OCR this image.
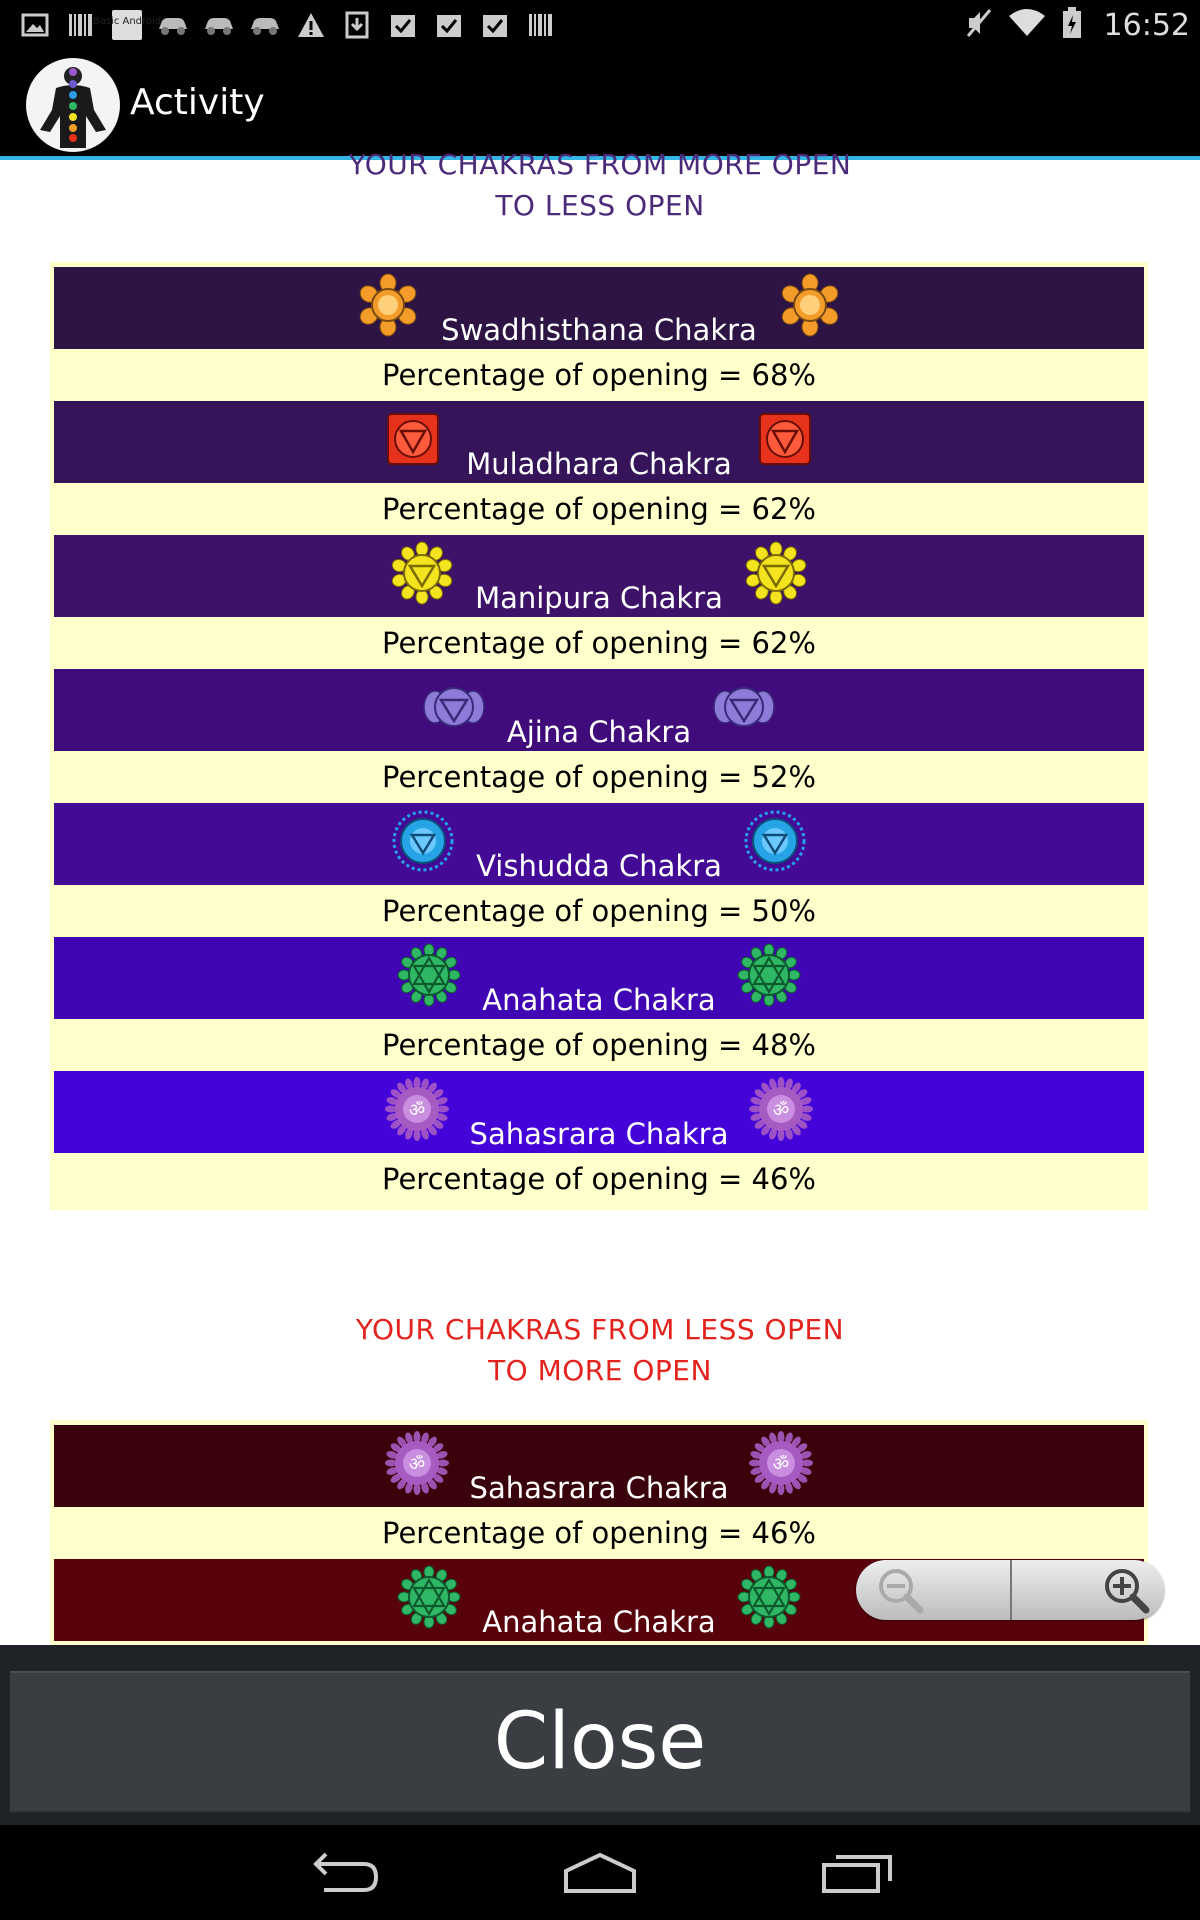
Basic Android	16:52
Activity
YOUR CHAKRAS FROM MORE OPEN
TO LESS OPEN
Swadhisthana Chakra
Percentage of opening = 68%
Muladhara Chakra
Percentage of opening = 62%
Manipura Chakra
Percentage of opening = 62%
Ajina Chakra
Percentage of opening = 52%
Vishudda Chakra
Percentage of opening = 50%
Anahata Chakra
Percentage of opening = 48%
ॐ
Sahasrara Chakra
ॐ
Percentage of opening = 46%
YOUR CHAKRAS FROM LESS OPEN
TO MORE OPEN
ॐ
Sahasrara Chakra
ॐ
Percentage of opening = 46%
Anahata Chakra
Close
